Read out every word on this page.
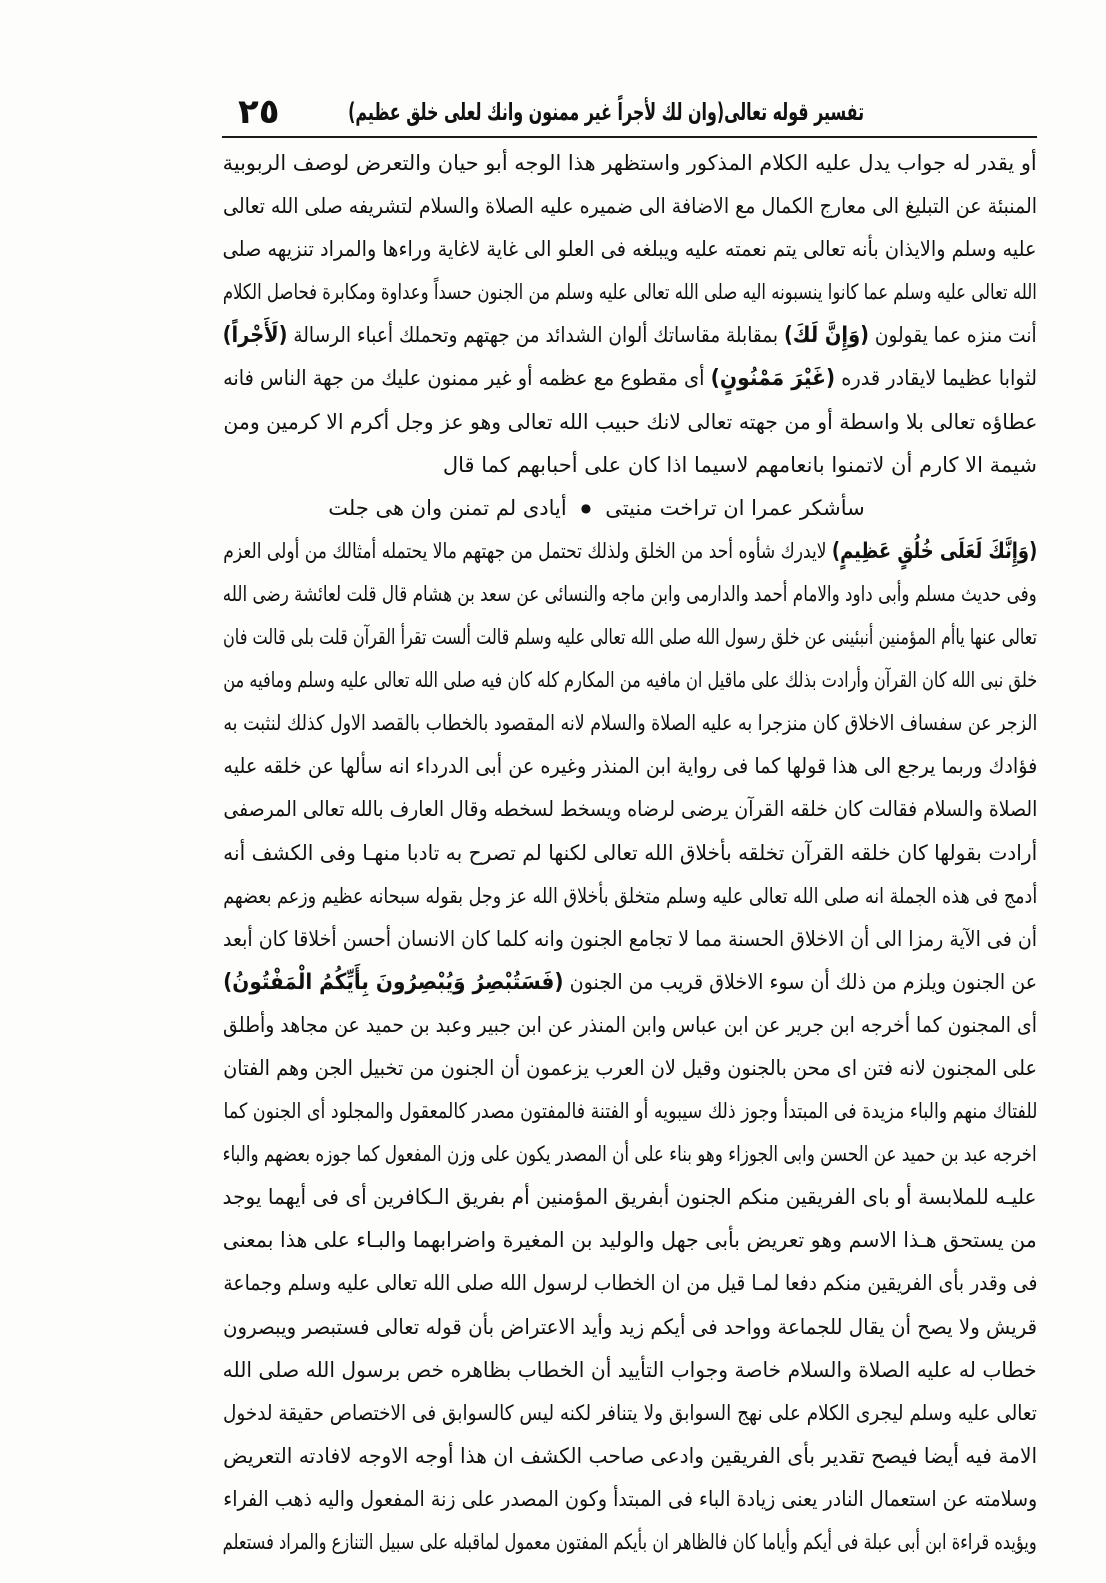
تفسير قوله تعالى(وان لك لأجراً غير ممنون وانك لعلى خلق عظيم)
٢٥
أو يقدر له جواب يدل عليه الكلام المذكور واستظهر هذا الوجه أبو حيان والتعرض لوصف الربوبية
المنبئة عن التبليغ الى معارج الكمال مع الاضافة الى ضميره عليه الصلاة والسلام لتشريفه صلى الله تعالى
عليه وسلم والايذان بأنه تعالى يتم نعمته عليه ويبلغه فى العلو الى غاية لاغاية وراءها والمراد تنزيهه صلى
الله تعالى عليه وسلم عما كانوا ينسبونه اليه صلى الله تعالى عليه وسلم من الجنون حسداً وعداوة ومكابرة فحاصل الكلام
أنت منزه عما يقولون (وَإِنَّ لَكَ) بمقابلة مقاساتك ألوان الشدائد من جهتهم وتحملك أعباء الرسالة (لَأَجْراً)
لثوابا عظيما لايقادر قدره (غَيْرَ مَمْنُونٍ) أى مقطوع مع عظمه أو غير ممنون عليك من جهة الناس فانه
عطاؤه تعالى بلا واسطة أو من جهته تعالى لانك حبيب الله تعالى وهو عز وجل أكرم الا كرمين ومن
شيمة الا كارم أن لاتمنوا بانعامهم لاسيما اذا كان على أحبابهم كما قال
سأشكر عمرا ان تراخت منيتى●أيادى لم تمنن وان هى جلت
(وَإِنَّكَ لَعَلَى خُلُقٍ عَظِيمٍ) لايدرك شأوه أحد من الخلق ولذلك تحتمل من جهتهم مالا يحتمله أمثالك من أولى العزم
وفى حديث مسلم وأبى داود والامام أحمد والدارمى وابن ماجه والنسائى عن سعد بن هشام قال قلت لعائشة رضى الله
تعالى عنها ياأم المؤمنين أنبئينى عن خلق رسول الله صلى الله تعالى عليه وسلم قالت ألست تقرأ القرآن قلت بلى قالت فان
خلق نبى الله كان القرآن وأرادت بذلك على ماقيل ان مافيه من المكارم كله كان فيه صلى الله تعالى عليه وسلم ومافيه من
الزجر عن سفساف الاخلاق كان منزجرا به عليه الصلاة والسلام لانه المقصود بالخطاب بالقصد الاول كذلك لنثبت به
فؤادك وربما يرجع الى هذا قولها كما فى رواية ابن المنذر وغيره عن أبى الدرداء انه سألها عن خلقه عليه
الصلاة والسلام فقالت كان خلقه القرآن يرضى لرضاه ويسخط لسخطه وقال العارف بالله تعالى المرصفى
أرادت بقولها كان خلقه القرآن تخلقه بأخلاق الله تعالى لكنها لم تصرح به تادبا منهـا وفى الكشف أنه
أدمج فى هذه الجملة انه صلى الله تعالى عليه وسلم متخلق بأخلاق الله عز وجل بقوله سبحانه عظيم وزعم بعضهم
أن فى الآية رمزا الى أن الاخلاق الحسنة مما لا تجامع الجنون وانه كلما كان الانسان أحسن أخلاقا كان أبعد
عن الجنون ويلزم من ذلك أن سوء الاخلاق قريب من الجنون (فَسَتُبْصِرُ وَيُبْصِرُونَ بِأَيِّكُمُ الْمَفْتُونُ)
أى المجنون كما أخرجه ابن جرير عن ابن عباس وابن المنذر عن ابن جبير وعبد بن حميد عن مجاهد وأطلق
على المجنون لانه فتن اى محن بالجنون وقيل لان العرب يزعمون أن الجنون من تخبيل الجن وهم الفتان
للفتاك منهم والباء مزيدة فى المبتدأ وجوز ذلك سيبويه أو الفتنة فالمفتون مصدر كالمعقول والمجلود أى الجنون كما
اخرجه عبد بن حميد عن الحسن وابى الجوزاء وهو بناء على أن المصدر يكون على وزن المفعول كما جوزه بعضهم والباء
عليـه للملابسة أو باى الفريقين منكم الجنون أبفريق المؤمنين أم بفريق الـكافرين أى فى أيهما يوجد
من يستحق هـذا الاسم وهو تعريض بأبى جهل والوليد بن المغيرة واضرابهما والبـاء على هذا بمعنى
فى وقدر بأى الفريقين منكم دفعا لمـا قيل من ان الخطاب لرسول الله صلى الله تعالى عليه وسلم وجماعة
قريش ولا يصح أن يقال للجماعة وواحد فى أيكم زيد وأيد الاعتراض بأن قوله تعالى فستبصر ويبصرون
خطاب له عليه الصلاة والسلام خاصة وجواب التأييد أن الخطاب بظاهره خص برسول الله صلى الله
تعالى عليه وسلم ليجرى الكلام على نهج السوابق ولا يتنافر لكنه ليس كالسوابق فى الاختصاص حقيقة لدخول
الامة فيه أيضا فيصح تقدير بأى الفريقين وادعى صاحب الكشف ان هذا أوجه الاوجه لافادته التعريض
وسلامته عن استعمال النادر يعنى زيادة الباء فى المبتدأ وكون المصدر على زنة المفعول واليه ذهب الفراء
ويؤيده قراءة ابن أبى عبلة فى أيكم وأياما كان فالظاهر ان بأيكم المفتون معمول لماقبله على سبيل التنازع والمراد فستعلم
